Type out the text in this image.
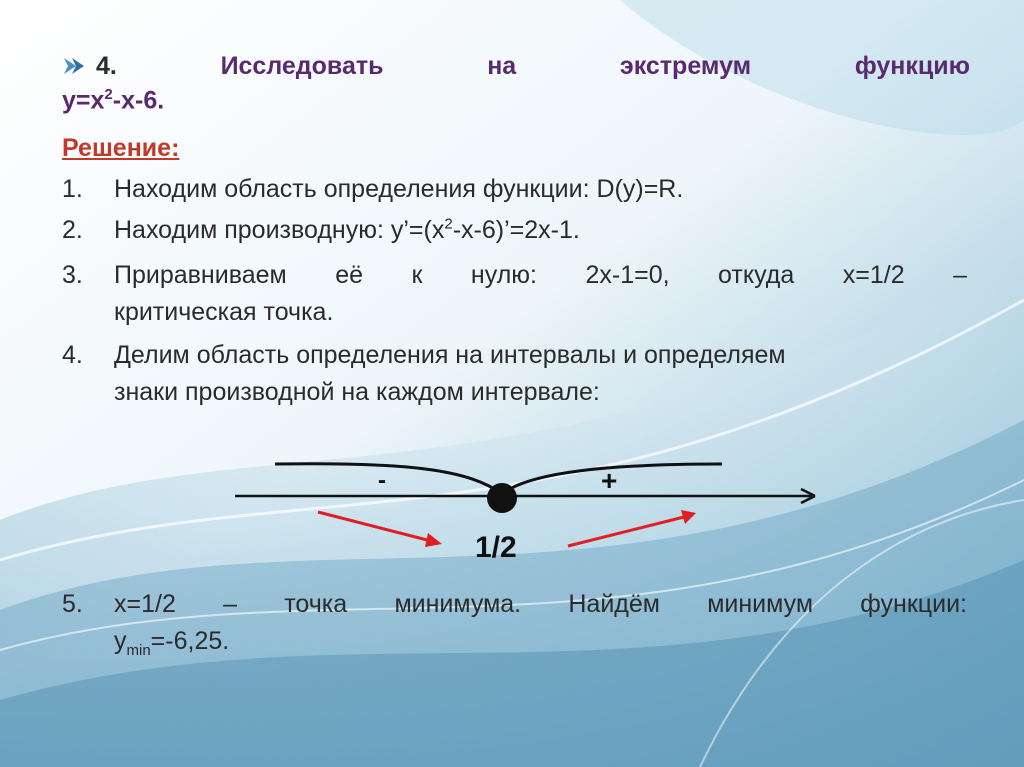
4.	Исследовать	на	экстремум	функцию
$y=x^2-x-6$.
Решение:
1.	Находим область определения функции: D(y)=R.
2.	Находим производную: $y’=(x^2-x-6)’=2x-1$.
3.	Приравниваем её к нулю: 2x-1=0, откуда x=1/2 –
критическая точка.
4.	Делим область определения на интервалы и определяем
знаки производной на каждом интервале:
-	+
1/2
5.	x=1/2 – точка минимума. Найдём минимум функции:
$y_{min}=-6,25$.
